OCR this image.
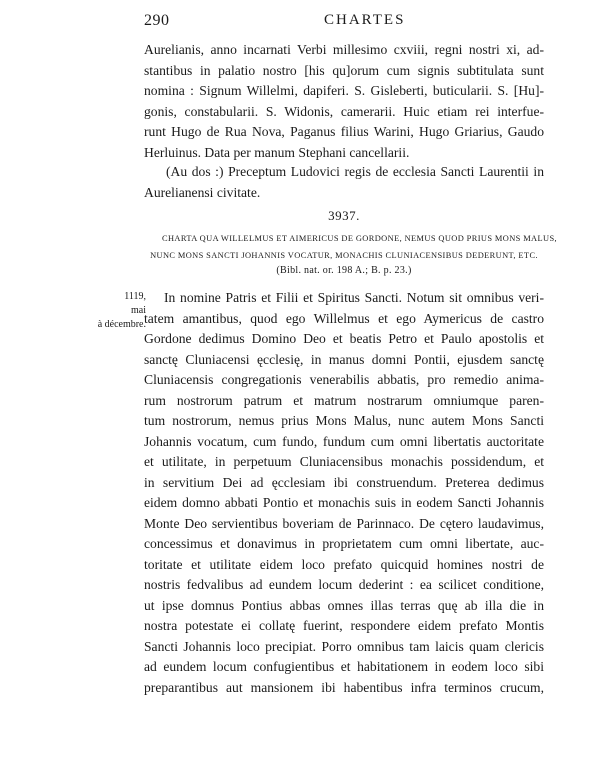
290	CHARTES
Aurelianis, anno incarnati Verbi millesimo cxviii, regni nostri xi, ad-
stantibus in palatio nostro [his qu]orum cum signis subtitulata sunt
nomina : Signum Willelmi, dapiferi. S. Gisleberti, buticularii. S. [Hu]-
gonis, constabularii. S. Widonis, camerarii. Huic etiam rei interfue-
runt Hugo de Rua Nova, Paganus filius Warini, Hugo Griarius, Gaudo
Herluinus. Data per manum Stephani cancellarii.
(Au dos :) Preceptum Ludovici regis de ecclesia Sancti Laurentii in
Aurelianensi civitate.
3937.
CHARTA QUA WILLELMUS ET AIMERICUS DE GORDONE, NEMUS QUOD PRIUS MONS MALUS,
NUNC MONS SANCTI JOHANNIS VOCATUR, MONACHIS CLUNIACENSIBUS DEDERUNT, ETC.
(Bibl. nat. or. 198 A.; B. p. 23.)
1119,
mai
à décembre.
In nomine Patris et Filii et Spiritus Sancti. Notum sit omnibus veri-
tatem amantibus, quod ego Willelmus et ego Aymericus de castro
Gordone dedimus Domino Deo et beatis Petro et Paulo apostolis et
sanctę Cluniacensi ęcclesię, in manus domni Pontii, ejusdem sanctę
Cluniacensis congregationis venerabilis abbatis, pro remedio anima-
rum nostrorum patrum et matrum nostrarum omniumque paren-
tum nostrorum, nemus prius Mons Malus, nunc autem Mons Sancti
Johannis vocatum, cum fundo, fundum cum omni libertatis auctoritate
et utilitate, in perpetuum Cluniacensibus monachis possidendum, et
in servitium Dei ad ęcclesiam ibi construendum. Preterea dedimus
eidem domno abbati Pontio et monachis suis in eodem Sancti Johannis
Monte Deo servientibus boveriam de Parinnaco. De cętero laudavimus,
concessimus et donavimus in proprietatem cum omni libertate, auc-
toritate et utilitate eidem loco prefato quicquid homines nostri de
nostris fedvalibus ad eundem locum dederint : ea scilicet conditione,
ut ipse domnus Pontius abbas omnes illas terras quę ab illa die in
nostra potestate ei collatę fuerint, respondere eidem prefato Montis
Sancti Johannis loco precipiat. Porro omnibus tam laicis quam clericis
ad eundem locum confugientibus et habitationem in eodem loco sibi
preparantibus aut mansionem ibi habentibus infra terminos crucum,
